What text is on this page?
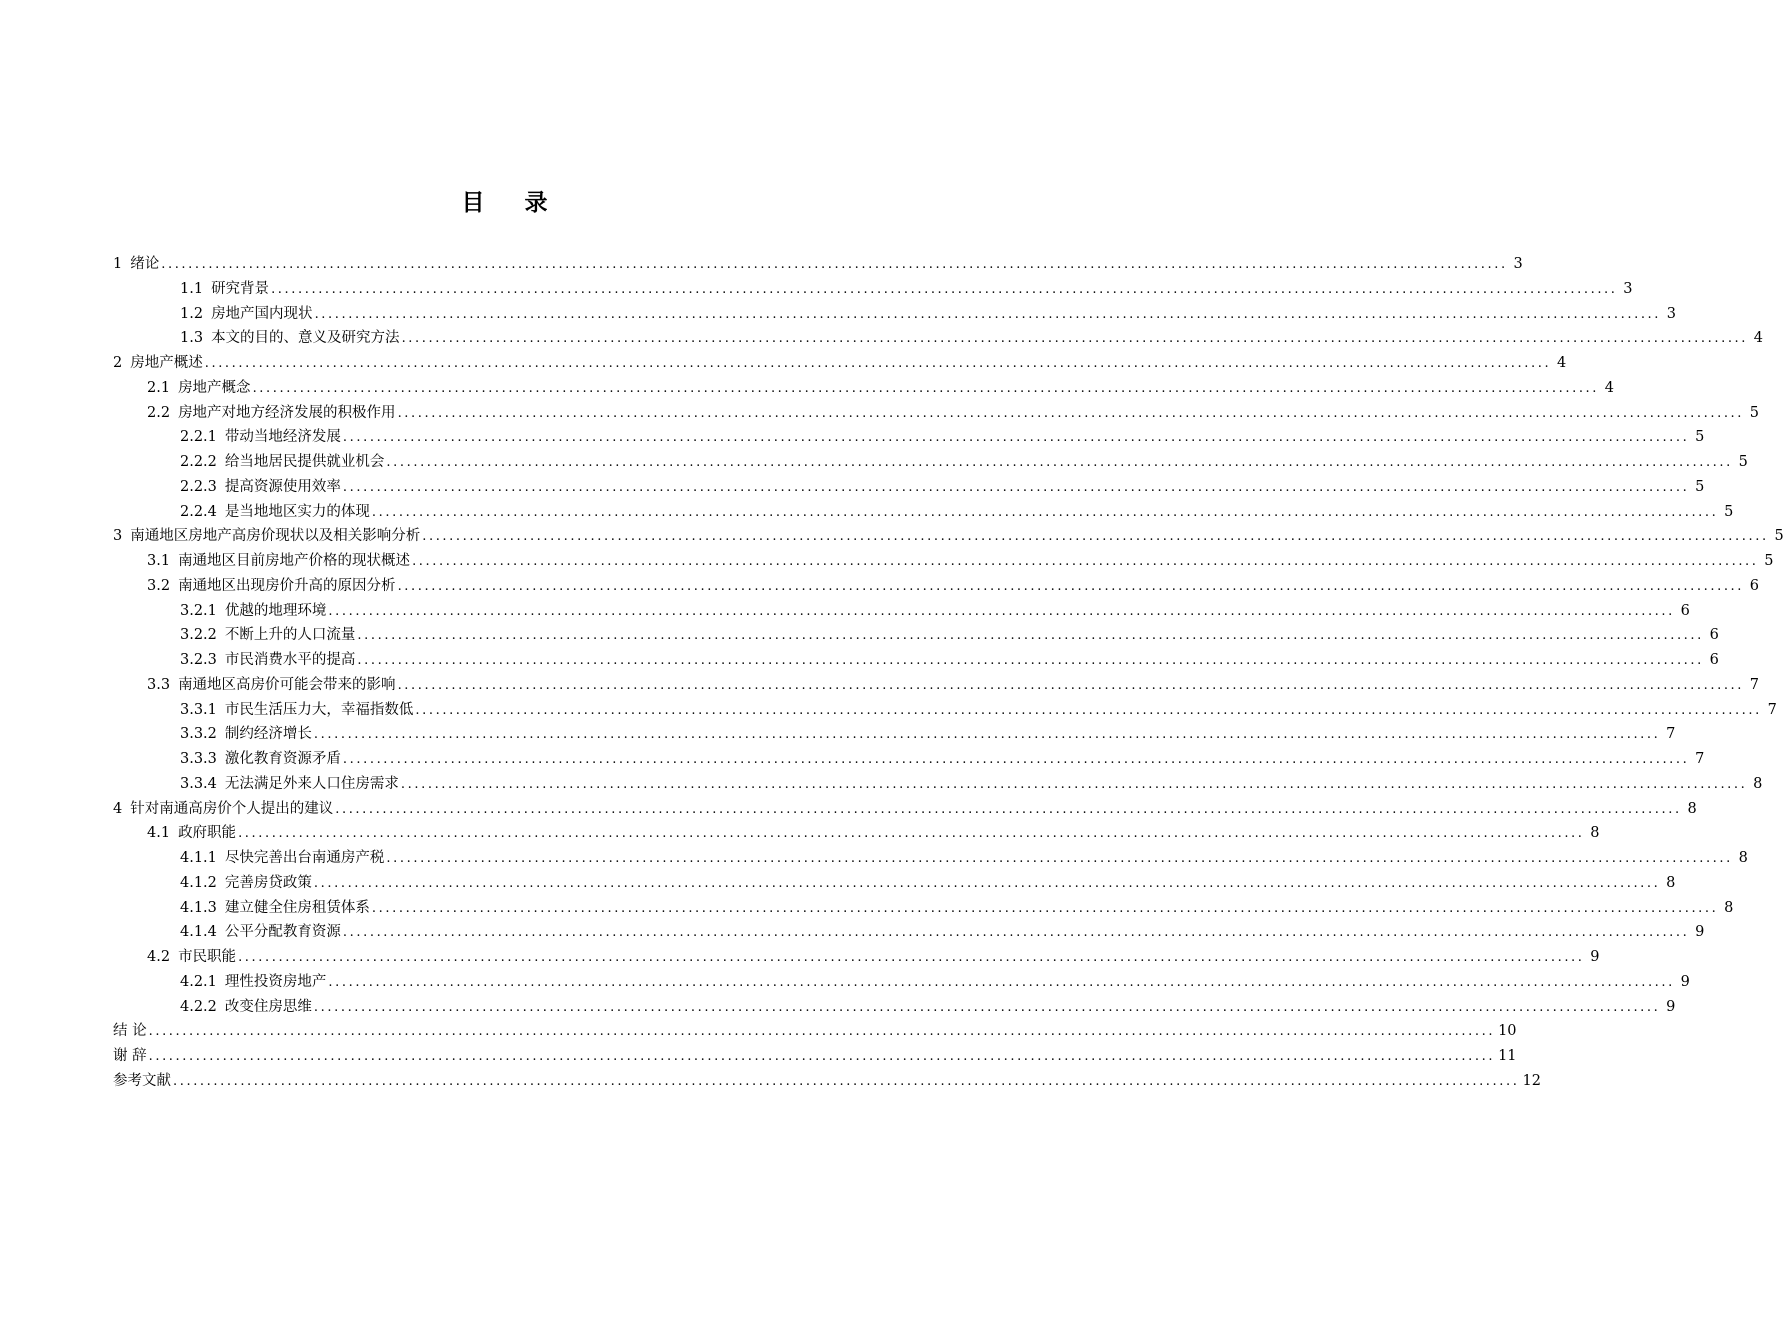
目 录
1 绪论 ........................................................................................................................................................................................................ 3
1.1 研究背景 ........................................................................................................................................................................................................ 3
1.2 房地产国内现状 ........................................................................................................................................................................................................ 3
1.3 本文的目的、意义及研究方法 ........................................................................................................................................................................................................ 4
2 房地产概述 ........................................................................................................................................................................................................ 4
2.1 房地产概念 ........................................................................................................................................................................................................ 4
2.2 房地产对地方经济发展的积极作用 ........................................................................................................................................................................................................ 5
2.2.1 带动当地经济发展 ........................................................................................................................................................................................................ 5
2.2.2 给当地居民提供就业机会 ........................................................................................................................................................................................................ 5
2.2.3 提高资源使用效率 ........................................................................................................................................................................................................ 5
2.2.4 是当地地区实力的体现 ........................................................................................................................................................................................................ 5
3 南通地区房地产高房价现状以及相关影响分析 ........................................................................................................................................................................................................ 5
3.1 南通地区目前房地产价格的现状概述 ........................................................................................................................................................................................................ 5
3.2 南通地区出现房价升高的原因分析 ........................................................................................................................................................................................................ 6
3.2.1 优越的地理环境 ........................................................................................................................................................................................................ 6
3.2.2 不断上升的人口流量 ........................................................................................................................................................................................................ 6
3.2.3 市民消费水平的提高 ........................................................................................................................................................................................................ 6
3.3 南通地区高房价可能会带来的影响 ........................................................................................................................................................................................................ 7
3.3.1 市民生活压力大，幸福指数低 ........................................................................................................................................................................................................ 7
3.3.2 制约经济增长 ........................................................................................................................................................................................................ 7
3.3.3 激化教育资源矛盾 ........................................................................................................................................................................................................ 7
3.3.4 无法满足外来人口住房需求 ........................................................................................................................................................................................................ 8
4 针对南通高房价个人提出的建议 ........................................................................................................................................................................................................ 8
4.1 政府职能 ........................................................................................................................................................................................................ 8
4.1.1 尽快完善出台南通房产税 ........................................................................................................................................................................................................ 8
4.1.2 完善房贷政策 ........................................................................................................................................................................................................ 8
4.1.3 建立健全住房租赁体系 ........................................................................................................................................................................................................ 8
4.1.4 公平分配教育资源 ........................................................................................................................................................................................................ 9
4.2 市民职能 ........................................................................................................................................................................................................ 9
4.2.1 理性投资房地产 ........................................................................................................................................................................................................ 9
4.2.2 改变住房思维 ........................................................................................................................................................................................................ 9
结 论 ........................................................................................................................................................................................................ 10
谢 辞 ........................................................................................................................................................................................................ 11
参考文献 ........................................................................................................................................................................................................ 12
